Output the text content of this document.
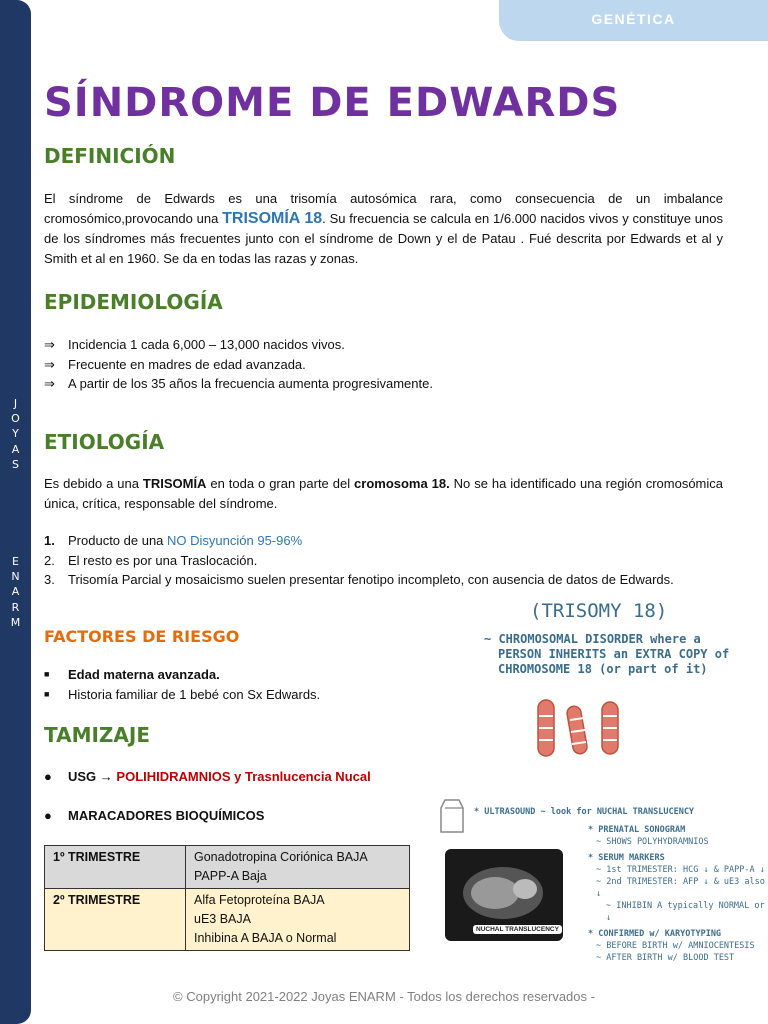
J
O
Y
A
S
E
N
A
R
M
GENÉTICA
SÍNDROME DE EDWARDS
DEFINICIÓN
El síndrome de Edwards es una trisomía autosómica rara, como consecuencia de un imbalance cromosómico,provocando una TRISOMÍA 18. Su frecuencia se calcula en 1/6.000 nacidos vivos y constituye unos de los síndromes más frecuentes junto con el síndrome de Down y el de Patau . Fué descrita por Edwards et al y Smith et al en 1960. Se da en todas las razas y zonas.
EPIDEMIOLOGÍA
⇒ Incidencia 1 cada 6,000 – 13,000 nacidos vivos.
⇒ Frecuente en madres de edad avanzada.
⇒ A partir de los 35 años la frecuencia aumenta progresivamente.
ETIOLOGÍA
Es debido a una TRISOMÍA en toda o gran parte del cromosoma 18. No se ha identificado una región cromosómica única, crítica, responsable del síndrome.
1. Producto de una NO Disyunción 95-96%
2. El resto es por una Traslocación.
3. Trisomía Parcial y mosaicismo suelen presentar fenotipo incompleto, con ausencia de datos de Edwards.
FACTORES DE RIESGO
■ Edad materna avanzada.
■ Historia familiar de 1 bebé con Sx Edwards.
TAMIZAJE
● USG → POLIHIDRAMNIOS y Trasnlucencia Nucal
● MARACADORES BIOQUÍMICOS
1º TRIMESTRE	Gonadotropina Coriónica BAJA
PAPP-A Baja

2º TRIMESTRE	Alfa Fetoproteína BAJA
uE3 BAJA
Inhibina A BAJA o Normal
(TRISOMY 18)
~ CHROMOSOMAL DISORDER where a
PERSON INHERITS an EXTRA COPY of
CHROMOSOME 18 (or part of it)
NUCHAL TRANSLUCENCY
* ULTRASOUND ~ look for NUCHAL TRANSLUCENCY
* PRENATAL SONOGRAM
~ SHOWS POLYHYDRAMNIOS
* SERUM MARKERS
~ 1st TRIMESTER: HCG ↓ & PAPP-A ↓
~ 2nd TRIMESTER: AFP ↓ & uE3 also ↓
~ INHIBIN A typically NORMAL or ↓
* CONFIRMED w/ KARYOTYPING
~ BEFORE BIRTH w/ AMNIOCENTESIS
~ AFTER BIRTH w/ BLOOD TEST
© Copyright 2021-2022 Joyas ENARM - Todos los derechos reservados -
